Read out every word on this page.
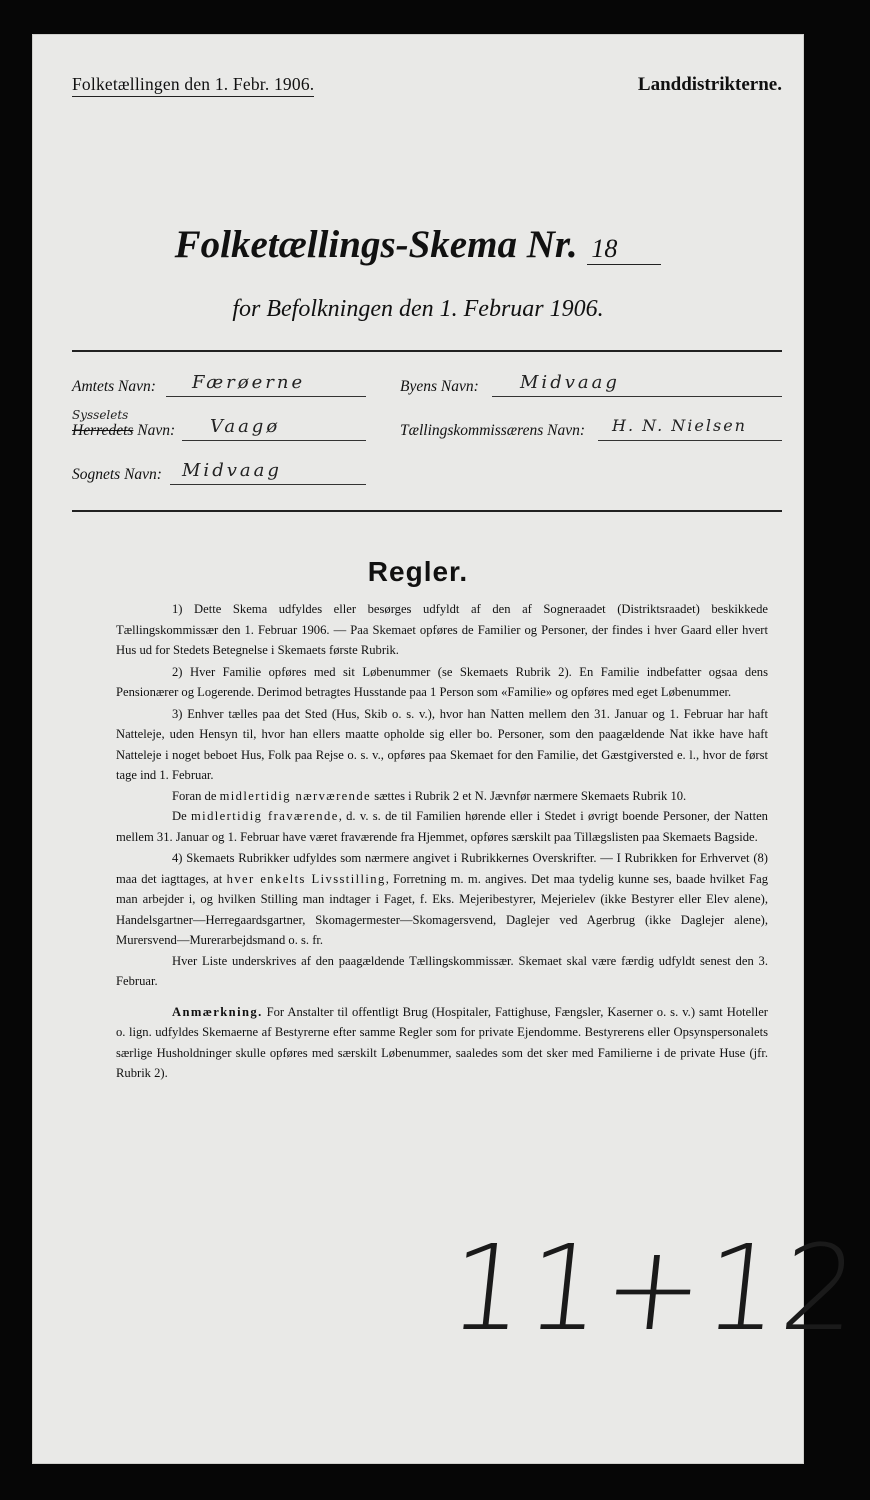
Folketællingen den 1. Febr. 1906.	Landdistrikterne.
Folketællings-Skema Nr. 18
for Befolkningen den 1. Februar 1906.
Amtets Navn: Færøerne	Byens Navn: Midvaag
Sysselets
Herredets Navn: Vaagø	Tællingskommissærens Navn: H. N. Nielsen
Sognets Navn: Midvaag
Regler.

1) Dette Skema udfyldes eller besørges udfyldt af den af Sogneraadet (Distriktsraadet) beskikkede Tællingskommissær den 1. Februar 1906. — Paa Skemaet opføres de Familier og Personer, der findes i hver Gaard eller hvert Hus ud for Stedets Betegnelse i Skemaets første Rubrik.

2) Hver Familie opføres med sit Løbenummer (se Skemaets Rubrik 2). En Familie indbefatter ogsaa dens Pensionærer og Logerende. Derimod betragtes Husstande paa 1 Person som «Familie» og opføres med eget Løbenummer.

3) Enhver tælles paa det Sted (Hus, Skib o. s. v.), hvor han Natten mellem den 31. Januar og 1. Februar har haft Natteleje, uden Hensyn til, hvor han ellers maatte opholde sig eller bo. Personer, som den paagældende Nat ikke have haft Natteleje i noget beboet Hus, Folk paa Rejse o. s. v., opføres paa Skemaet for den Familie, det Gæstgiversted e. l., hvor de først tage ind 1. Februar.

Foran de midlertidig nærværende sættes i Rubrik 2 et N. Jævnfør nærmere Skemaets Rubrik 10.

De midlertidig fraværende, d. v. s. de til Familien hørende eller i Stedet i øvrigt boende Personer, der Natten mellem 31. Januar og 1. Februar have været fraværende fra Hjemmet, opføres særskilt paa Tillægslisten paa Skemaets Bagside.

4) Skemaets Rubrikker udfyldes som nærmere angivet i Rubrikkernes Overskrifter. — I Rubrikken for Erhvervet (8) maa det iagttages, at hver enkelts Livsstilling, Forretning m. m. angives. Det maa tydelig kunne ses, baade hvilket Fag man arbejder i, og hvilken Stilling man indtager i Faget, f. Eks. Mejeribestyrer, Mejerielev (ikke Bestyrer eller Elev alene), Handelsgartner—Herregaardsgartner, Skomagermester—Skomagersvend, Daglejer ved Agerbrug (ikke Daglejer alene), Murersvend—Murerarbejdsmand o. s. fr.

Hver Liste underskrives af den paagældende Tællingskommissær. Skemaet skal være færdig udfyldt senest den 3. Februar.

Anmærkning. For Anstalter til offentligt Brug (Hospitaler, Fattighuse, Fængsler, Kaserner o. s. v.) samt Hoteller o. lign. udfyldes Skemaerne af Bestyrerne efter samme Regler som for private Ejendomme. Bestyrerens eller Opsynspersonalets særlige Husholdninger skulle opføres med særskilt Løbenummer, saaledes som det sker med Familierne i de private Huse (jfr. Rubrik 2).

11+12
